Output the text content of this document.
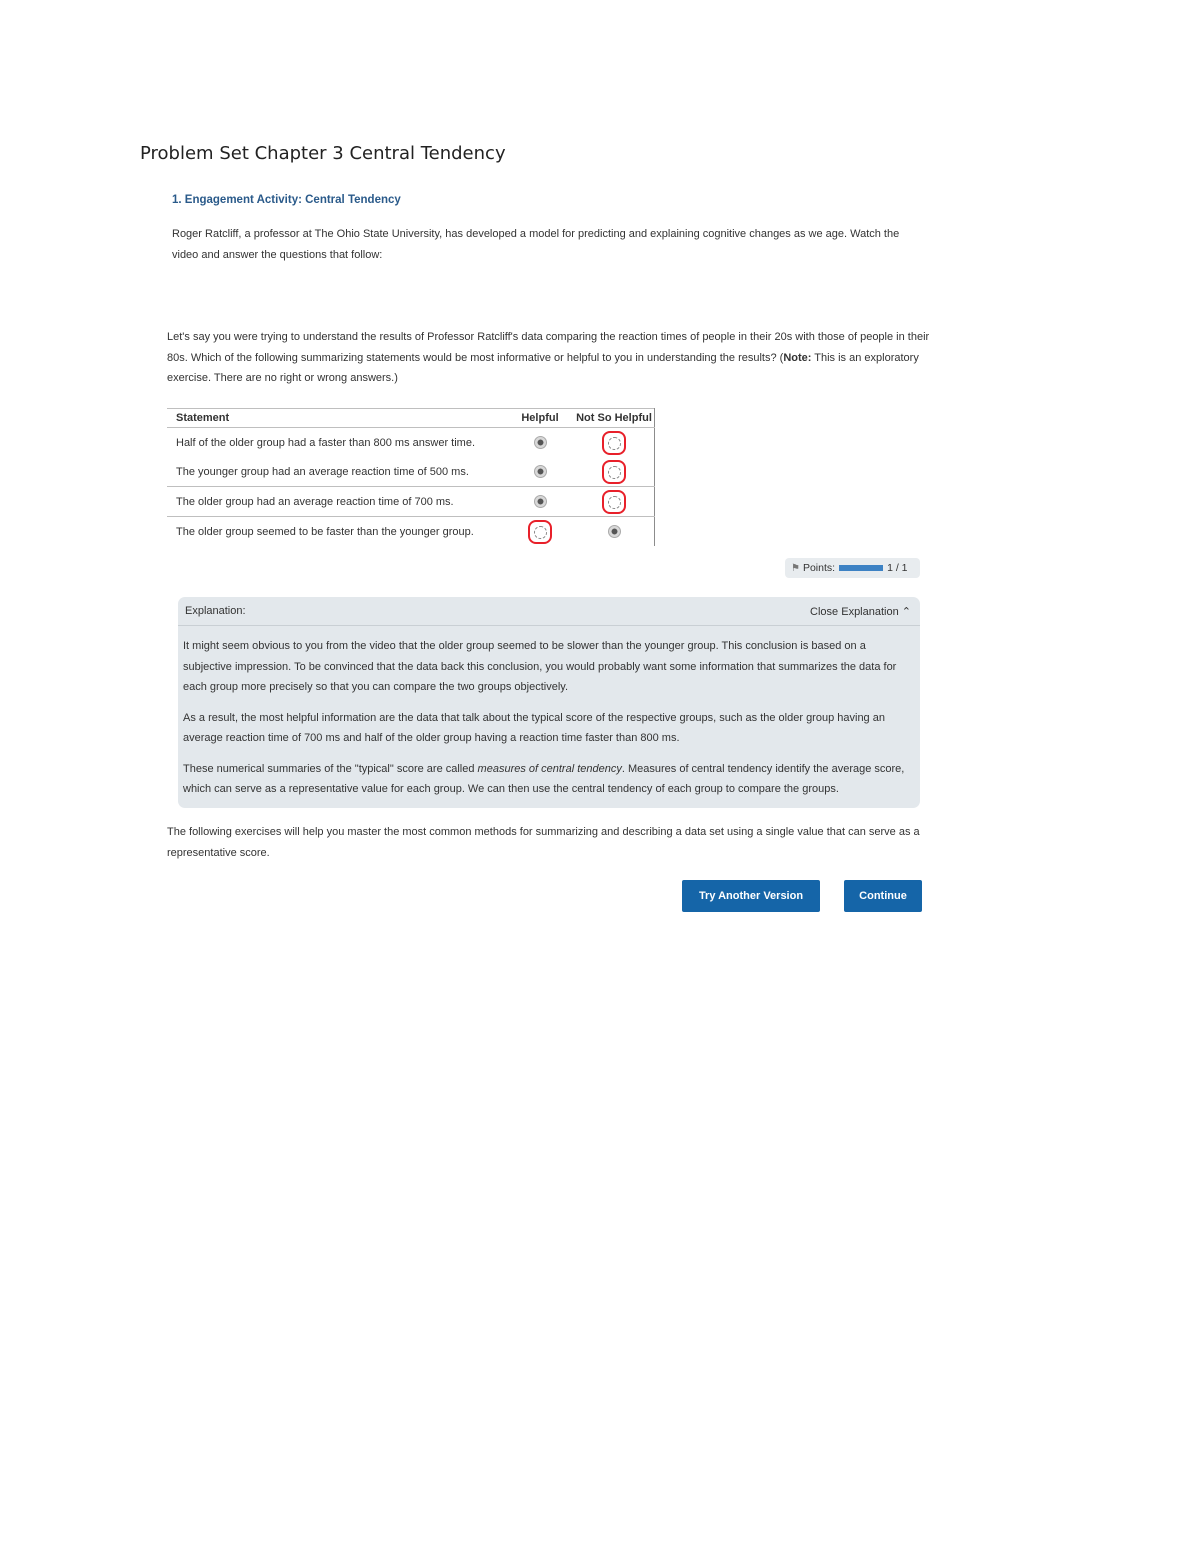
Problem Set Chapter 3 Central Tendency
1. Engagement Activity: Central Tendency

Roger Ratcliff, a professor at The Ohio State University, has developed a model for predicting and explaining cognitive changes as we age. Watch the video and answer the questions that follow:

Let's say you were trying to understand the results of Professor Ratcliff's data comparing the reaction times of people in their 20s with those of people in their 80s. Which of the following summarizing statements would be most informative or helpful to you in understanding the results? (Note: This is an exploratory exercise. There are no right or wrong answers.)

Statement	Helpful	Not So Helpful
Half of the older group had a faster than 800 ms answer time.		

The younger group had an average reaction time of 500 ms.		

The older group had an average reaction time of 700 ms.		

The older group seemed to be faster than the younger group.	

⚑ Points:	1 / 1
Explanation:	Close Explanation ⌃

It might seem obvious to you from the video that the older group seemed to be slower than the younger group. This conclusion is based on a subjective impression. To be convinced that the data back this conclusion, you would probably want some information that summarizes the data for each group more precisely so that you can compare the two groups objectively.

As a result, the most helpful information are the data that talk about the typical score of the respective groups, such as the older group having an average reaction time of 700 ms and half of the older group having a reaction time faster than 800 ms.

These numerical summaries of the "typical" score are called measures of central tendency. Measures of central tendency identify the average score, which can serve as a representative value for each group. We can then use the central tendency of each group to compare the groups.

The following exercises will help you master the most common methods for summarizing and describing a data set using a single value that can serve as a representative score.

Try Another Version	Continue
